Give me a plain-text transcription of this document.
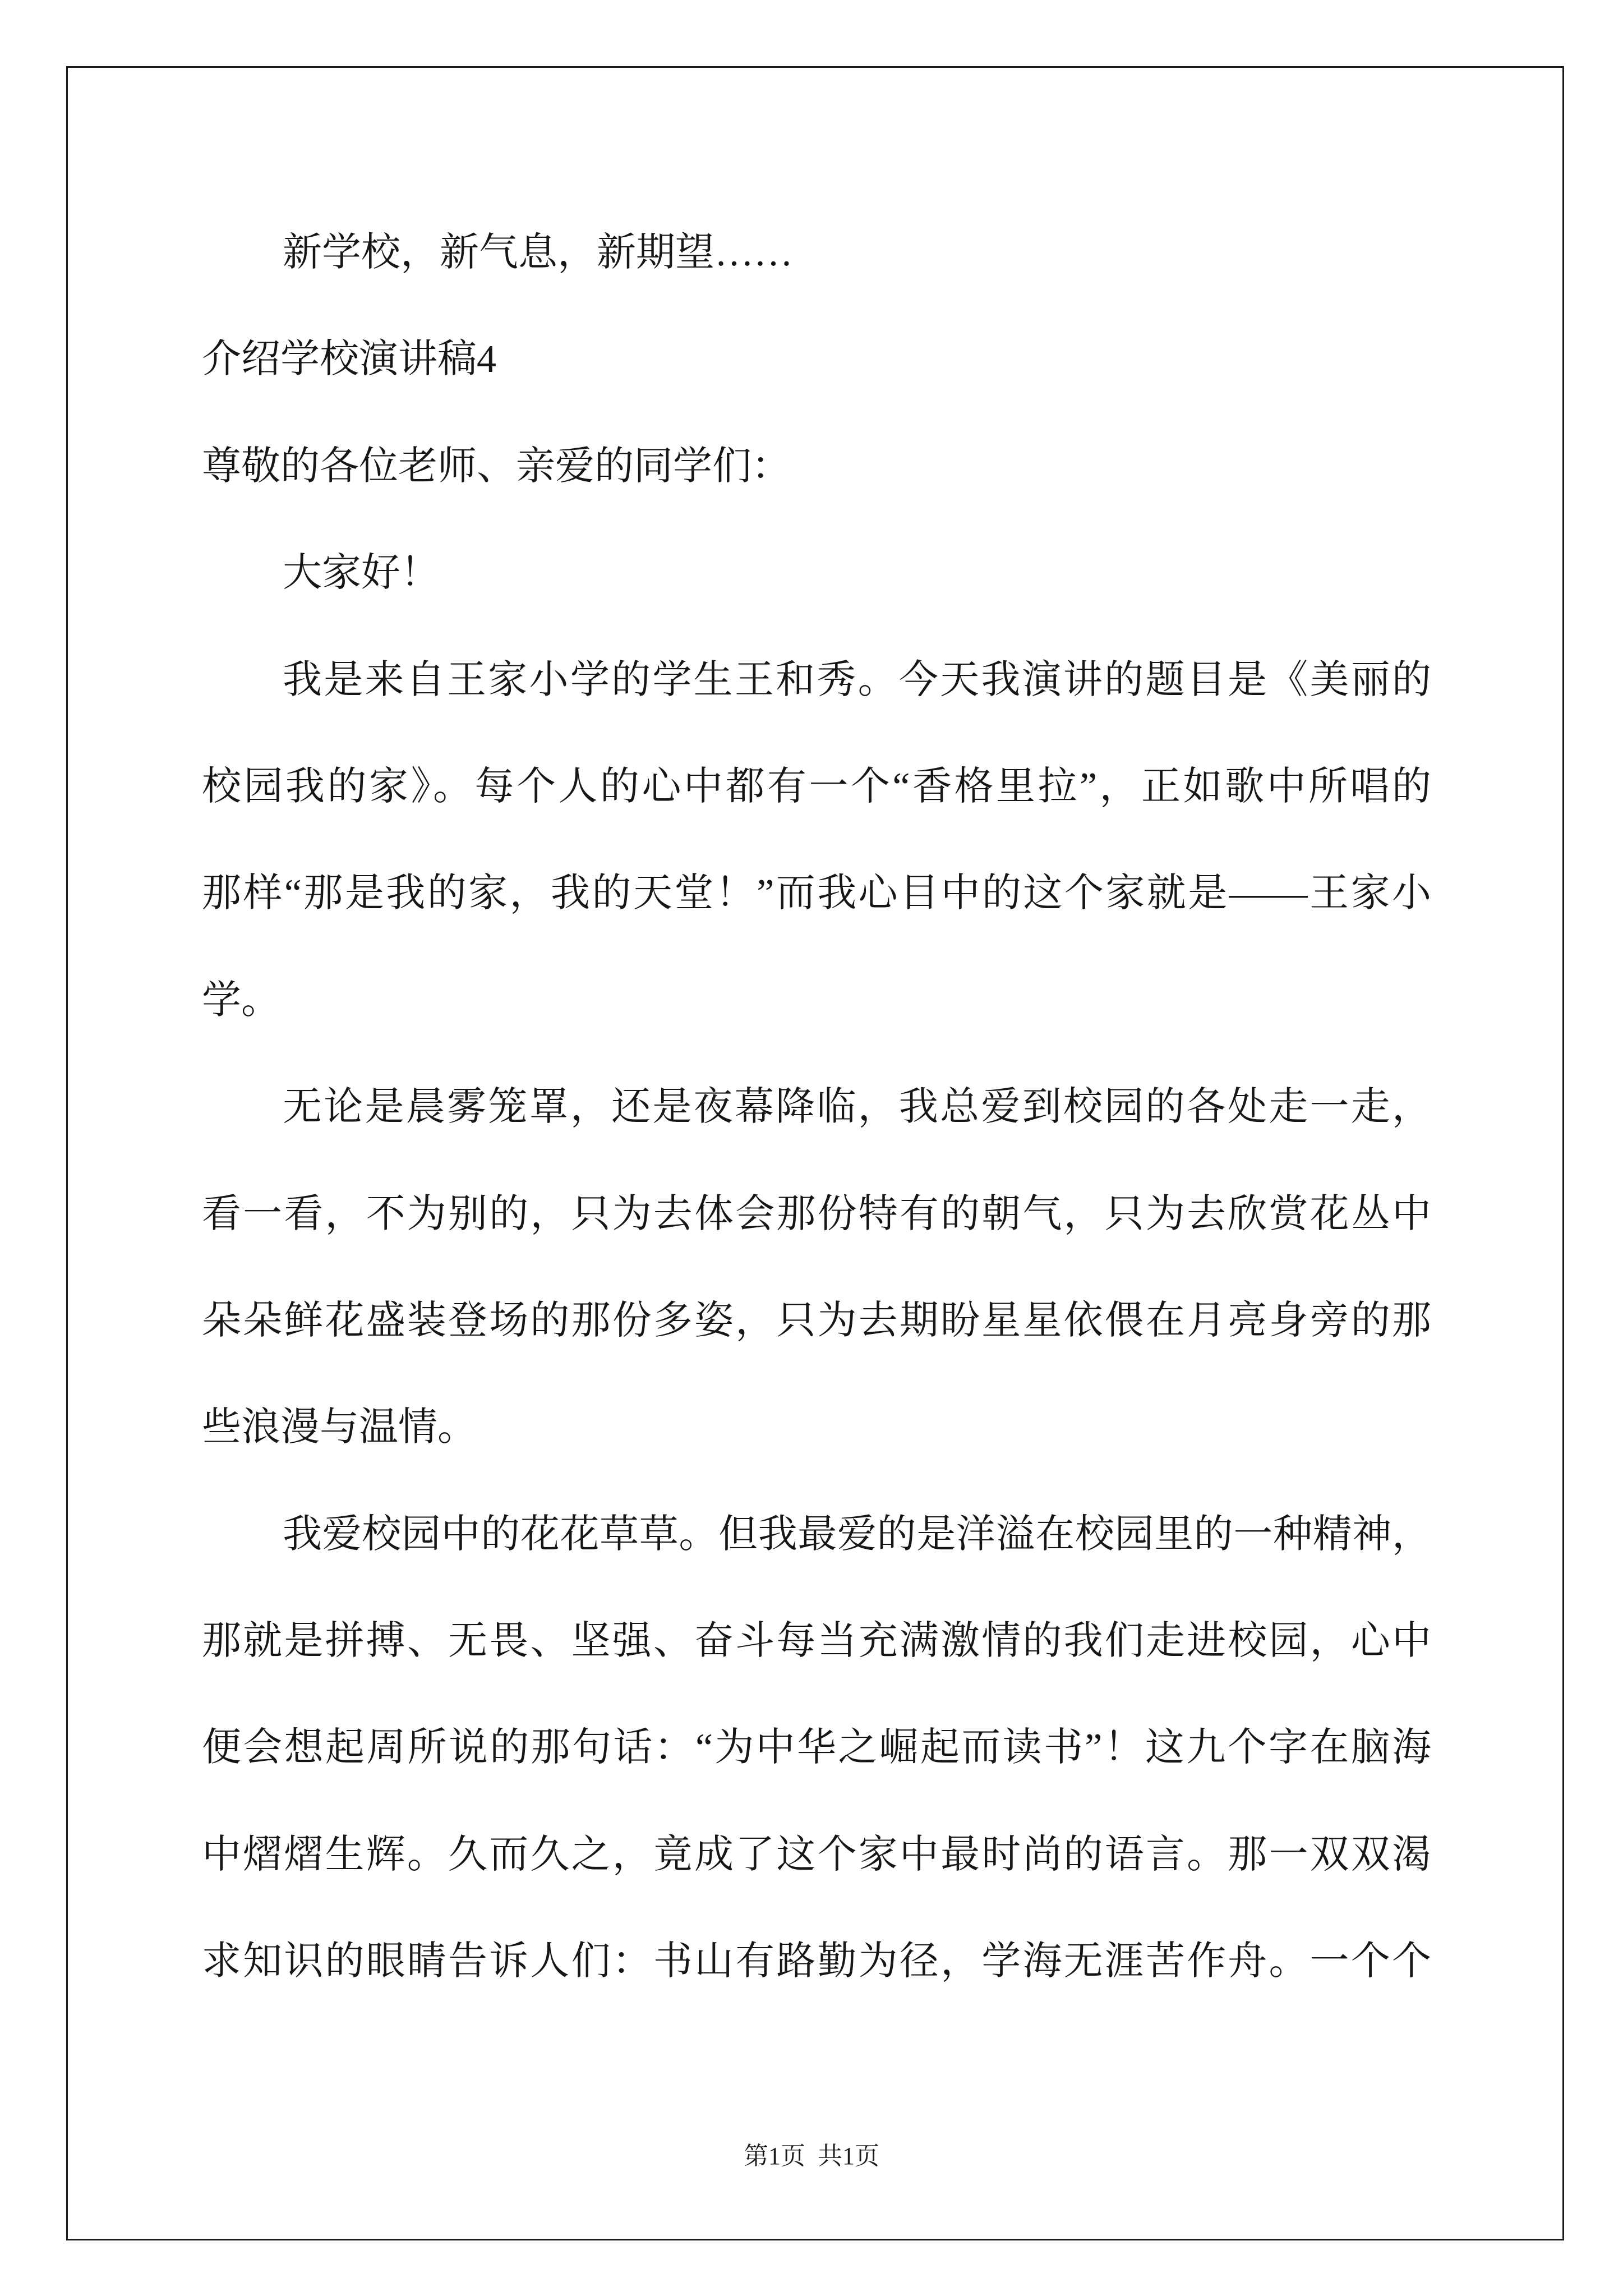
新学校，新气息，新期望……
介绍学校演讲稿4
尊敬的各位老师、亲爱的同学们：
大家好！
我是来自王家小学的学生王和秀。今天我演讲的题目是《美丽的
校园我的家》。每个人的心中都有一个“香格里拉”，正如歌中所唱的
那样“那是我的家，我的天堂！”而我心目中的这个家就是——王家小
学。
无论是晨雾笼罩，还是夜幕降临，我总爱到校园的各处走一走，
看一看，不为别的，只为去体会那份特有的朝气，只为去欣赏花丛中
朵朵鲜花盛装登场的那份多姿，只为去期盼星星依偎在月亮身旁的那
些浪漫与温情。
我爱校园中的花花草草。但我最爱的是洋溢在校园里的一种精神，
那就是拼搏、无畏、坚强、奋斗每当充满激情的我们走进校园，心中
便会想起周所说的那句话：“为中华之崛起而读书”！这九个字在脑海
中熠熠生辉。久而久之，竟成了这个家中最时尚的语言。那一双双渴
求知识的眼睛告诉人们：书山有路勤为径，学海无涯苦作舟。一个个
第1页  共1页
